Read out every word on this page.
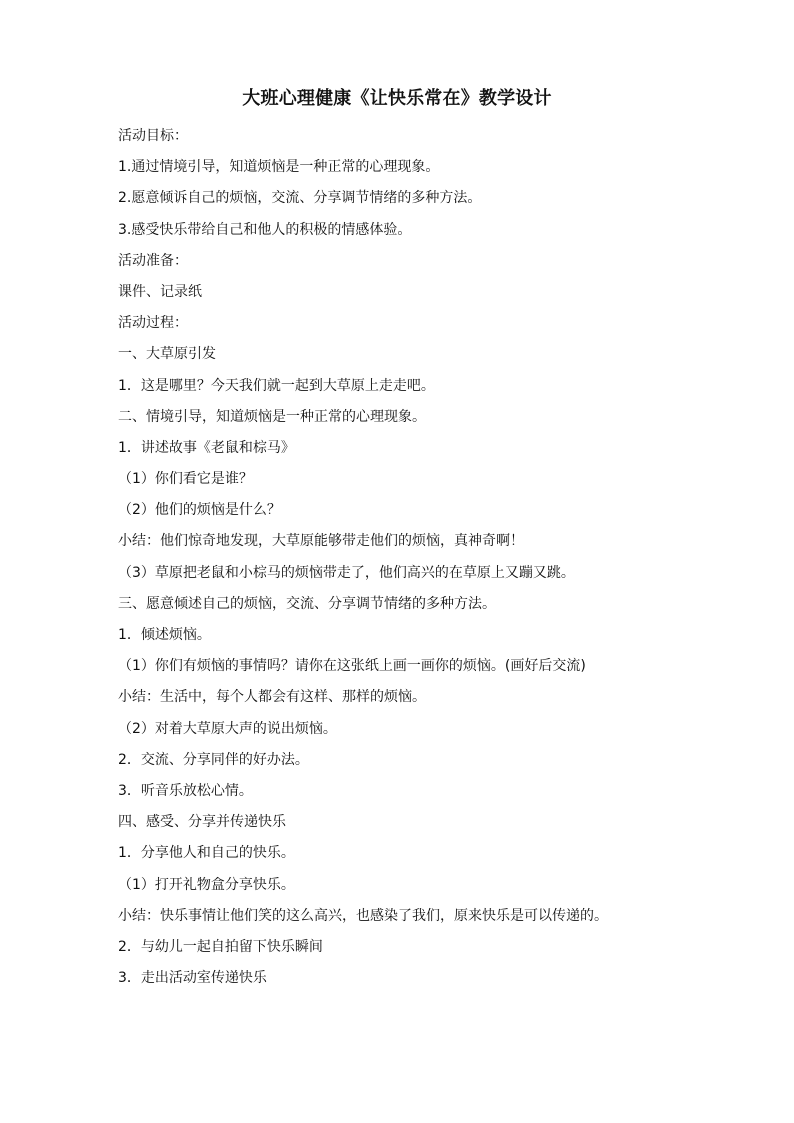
大班心理健康《让快乐常在》教学设计
活动目标：
1.通过情境引导，知道烦恼是一种正常的心理现象。
2.愿意倾诉自己的烦恼，交流、分享调节情绪的多种方法。
3.感受快乐带给自己和他人的积极的情感体验。
活动准备：
课件、记录纸
活动过程：
一、大草原引发
1．这是哪里？今天我们就一起到大草原上走走吧。
二、情境引导，知道烦恼是一种正常的心理现象。
1．讲述故事《老鼠和棕马》
（1）你们看它是谁？
（2）他们的烦恼是什么？
小结：他们惊奇地发现，大草原能够带走他们的烦恼，真神奇啊！
（3）草原把老鼠和小棕马的烦恼带走了，他们高兴的在草原上又蹦又跳。
三、愿意倾述自己的烦恼，交流、分享调节情绪的多种方法。
1．倾述烦恼。
（1）你们有烦恼的事情吗？请你在这张纸上画一画你的烦恼。(画好后交流)
小结：生活中，每个人都会有这样、那样的烦恼。
（2）对着大草原大声的说出烦恼。
2．交流、分享同伴的好办法。
3．听音乐放松心情。
四、感受、分享并传递快乐
1．分享他人和自己的快乐。
（1）打开礼物盒分享快乐。
小结：快乐事情让他们笑的这么高兴，也感染了我们，原来快乐是可以传递的。
2．与幼儿一起自拍留下快乐瞬间
3．走出活动室传递快乐
